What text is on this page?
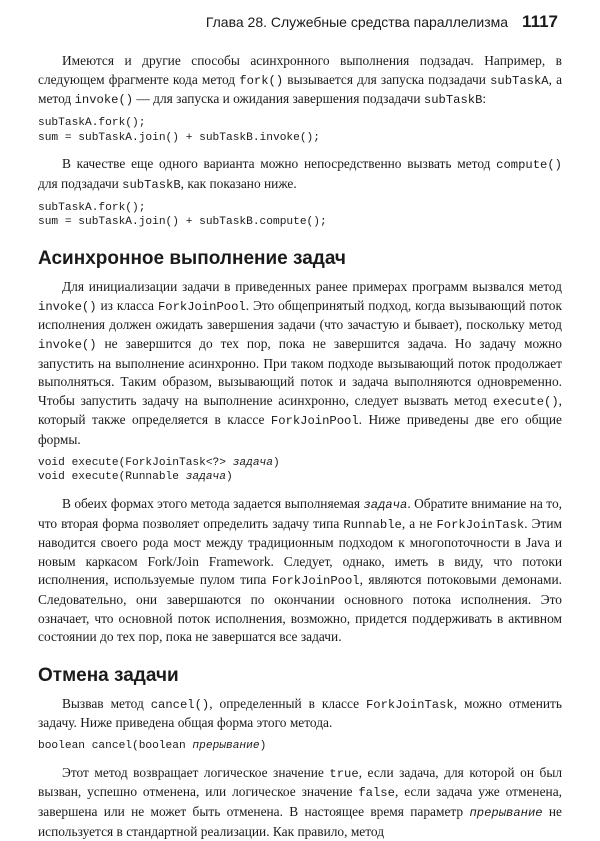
Глава 28. Служебные средства параллелизма 1117

Имеются и другие способы асинхронного выполнения подзадач. Например, в следующем фрагменте кода метод fork() вызывается для запуска подзадачи subTaskA, а метод invoke() — для запуска и ожидания завершения подзадачи subTaskB:

subTaskA.fork();
sum = subTaskA.join() + subTaskB.invoke();

В качестве еще одного варианта можно непосредственно вызвать метод compute() для подзадачи subTaskB, как показано ниже.

subTaskA.fork();
sum = subTaskA.join() + subTaskB.compute();
Асинхронное выполнение задач

Для инициализации задачи в приведенных ранее примерах программ вызвался метод invoke() из класса ForkJoinPool. Это общепринятый подход, когда вызывающий поток исполнения должен ожидать завершения задачи (что зачастую и бывает), поскольку метод invoke() не завершится до тех пор, пока не завершится задача. Но задачу можно запустить на выполнение асинхронно. При таком подходе вызывающий поток продолжает выполняться. Таким образом, вызывающий поток и задача выполняются одновременно. Чтобы запустить задачу на выполнение асинхронно, следует вызвать метод execute(), который также определяется в классе ForkJoinPool. Ниже приведены две его общие формы.

void execute(ForkJoinTask<?> задача)
void execute(Runnable задача)

В обеих формах этого метода задается выполняемая задача. Обратите внимание на то, что вторая форма позволяет определить задачу типа Runnable, а не ForkJoinTask. Этим наводится своего рода мост между традиционным подходом к многопоточности в Java и новым каркасом Fork/Join Framework. Следует, однако, иметь в виду, что потоки исполнения, используемые пулом типа ForkJoinPool, являются потоковыми демонами. Следовательно, они завершаются по окончании основного потока исполнения. Это означает, что основной поток исполнения, возможно, придется поддерживать в активном состоянии до тех пор, пока не завершатся все задачи.

Отмена задачи

Вызвав метод cancel(), определенный в классе ForkJoinTask, можно отменить задачу. Ниже приведена общая форма этого метода.

boolean cancel(boolean прерывание)

Этот метод возвращает логическое значение true, если задача, для которой он был вызван, успешно отменена, или логическое значение false, если задача уже отменена, завершена или не может быть отменена. В настоящее время параметр прерывание не используется в стандартной реализации. Как правило, метод
